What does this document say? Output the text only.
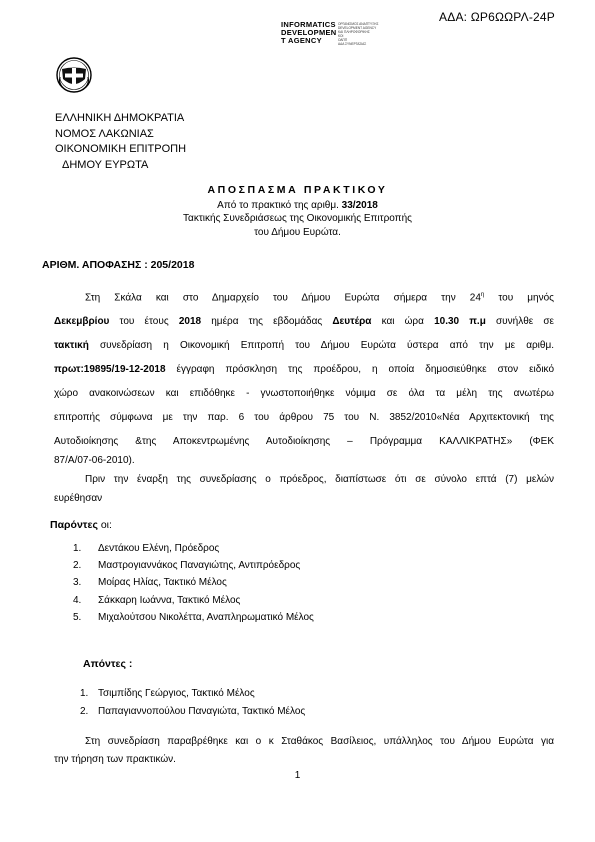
ΑΔΑ: ΩΡ6ΩΩΡΛ-24Ρ
INFORMATICS
DEVELOPMEN
T AGENCY
ΟΡΓΑΝΙΣΜΟΣ ΑΝΑΠΤΥΞΗΣ
DEVELOPMENT AGENCY
ΚΑΙ ΠΛΗΡΟΦΟΡΙΚΗΣ
ΚΟΙ
ΟΑΠΠ
ΑΔΑ ΣΥΝΕΡΓΑΣΙΑΣ
ΕΛΛΗΝΙΚΗ ΔΗΜΟΚΡΑΤΙΑ
ΝΟΜΟΣ ΛΑΚΩΝΙΑΣ
ΟΙΚΟΝΟΜΙΚΗ ΕΠΙΤΡΟΠΗ
ΔΗΜΟΥ ΕΥΡΩΤΑ
ΑΠΟΣΠΑΣΜΑ ΠΡΑΚΤΙΚΟΥ
Από το πρακτικό της αριθμ. 33/2018
Τακτικής Συνεδριάσεως της Οικονομικής Επιτροπής
του Δήμου Ευρώτα.
ΑΡΙΘΜ. ΑΠΟΦΑΣΗΣ : 205/2018

Στη Σκάλα και στο Δημαρχείο του Δήμου Ευρώτα σήμερα την $24^\eta$ του μηνός

Δεκεμβρίου του έτους 2018 ημέρα της εβδομάδας Δευτέρα και ώρα 10.30 π.μ συνήλθε σε

τακτική συνεδρίαση η Οικονομική Επιτροπή του Δήμου Ευρώτα ύστερα από την με αριθμ.

πρωτ:19895/19-12-2018 έγγραφη πρόσκληση της προέδρου, η οποία δημοσιεύθηκε στον ειδικό

χώρο ανακοινώσεων και επιδόθηκε - γνωστοποιήθηκε νόμιμα σε όλα τα μέλη της ανωτέρω

επιτροπής σύμφωνα με την παρ. 6 του άρθρου 75 του Ν. 3852/2010«Νέα Αρχιτεκτονική της

Αυτοδιοίκησης &της Αποκεντρωμένης Αυτοδιοίκησης – Πρόγραμμα ΚΑΛΛΙΚΡΑΤΗΣ» (ΦΕΚ

87/Α/07-06-2010).

Πριν την έναρξη της συνεδρίασης ο πρόεδρος, διαπίστωσε ότι σε σύνολο επτά (7) μελών

ευρέθησαν

Παρόντες οι:
1.	Δεντάκου Ελένη, Πρόεδρος
2.	Μαστρογιαννάκος Παναγιώτης, Αντιπρόεδρος
3.	Μοίρας Ηλίας, Τακτικό Μέλος
4.	Σάκκαρη Ιωάννα, Τακτικό Μέλος
5.	Μιχαλούτσου Νικολέττα, Αναπληρωματικό Μέλος
Απόντες :
1. Τσιμπίδης Γεώργιος, Τακτικό Μέλος
2. Παπαγιαννοπούλου Παναγιώτα, Τακτικό Μέλος

Στη συνεδρίαση παραβρέθηκε και ο κ Σταθάκος Βασίλειος, υπάλληλος του Δήμου Ευρώτα για

την τήρηση των πρακτικών.

1
